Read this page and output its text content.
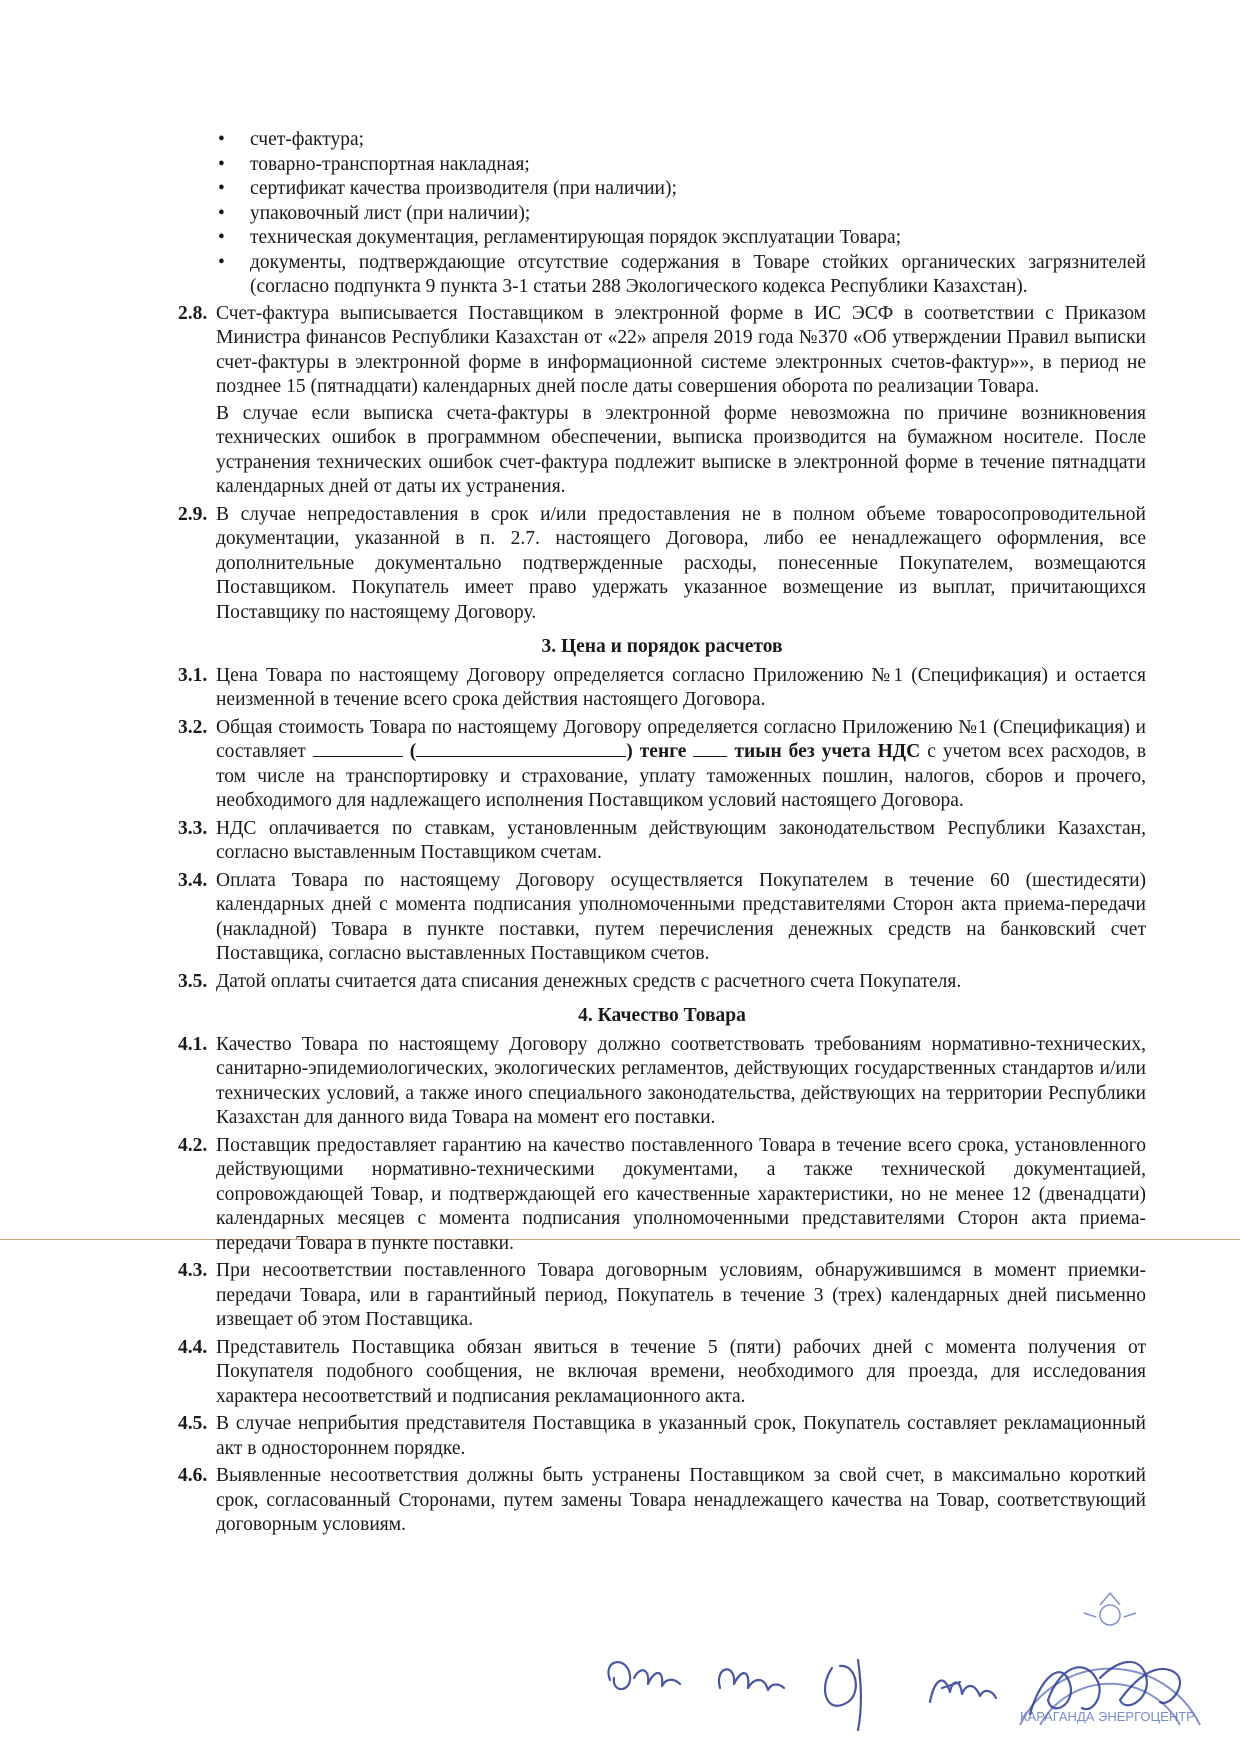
• счет-фактура;
• товарно-транспортная накладная;
• сертификат качества производителя (при наличии);
• упаковочный лист (при наличии);
• техническая документация, регламентирующая порядок эксплуатации Товара;
• документы, подтверждающие отсутствие содержания в Товаре стойких органических загрязнителей (согласно подпункта 9 пункта 3-1 статьи 288 Экологического кодекса Республики Казахстан).
2.8. Счет-фактура выписывается Поставщиком в электронной форме в ИС ЭСФ в соответствии с Приказом Министра финансов Республики Казахстан от «22» апреля 2019 года №370 «Об утверждении Правил выписки счет-фактуры в электронной форме в информационной системе электронных счетов-фактур»», в период не позднее 15 (пятнадцати) календарных дней после даты совершения оборота по реализации Товара.

В случае если выписка счета-фактуры в электронной форме невозможна по причине возникновения технических ошибок в программном обеспечении, выписка производится на бумажном носителе. После устранения технических ошибок счет-фактура подлежит выписке в электронной форме в течение пятнадцати календарных дней от даты их устранения.

2.9. В случае непредоставления в срок и/или предоставления не в полном объеме товаросопроводительной документации, указанной в п. 2.7. настоящего Договора, либо ее ненадлежащего оформления, все дополнительные документально подтвержденные расходы, понесенные Покупателем, возмещаются Поставщиком. Покупатель имеет право удержать указанное возмещение из выплат, причитающихся Поставщику по настоящему Договору.

3. Цена и порядок расчетов
3.1. Цена Товара по настоящему Договору определяется согласно Приложению №1 (Спецификация) и остается неизменной в течение всего срока действия настоящего Договора.

3.2. Общая стоимость Товара по настоящему Договору определяется согласно Приложению №1 (Спецификация) и составляет	(	) тенге тиын без учета НДС с учетом всех расходов, в том числе на транспортировку и страхование, уплату таможенных пошлин, налогов, сборов и прочего, необходимого для надлежащего исполнения Поставщиком условий настоящего Договора.

3.3. НДС оплачивается по ставкам, установленным действующим законодательством Республики Казахстан, согласно выставленным Поставщиком счетам.

3.4. Оплата Товара по настоящему Договору осуществляется Покупателем в течение 60 (шестидесяти) календарных дней с момента подписания уполномоченными представителями Сторон акта приема-передачи (накладной) Товара в пункте поставки, путем перечисления денежных средств на банковский счет Поставщика, согласно выставленных Поставщиком счетов.

3.5. Датой оплаты считается дата списания денежных средств с расчетного счета Покупателя.

4. Качество Товара
4.1. Качество Товара по настоящему Договору должно соответствовать требованиям нормативно-технических, санитарно-эпидемиологических, экологических регламентов, действующих государственных стандартов и/или технических условий, а также иного специального законодательства, действующих на территории Республики Казахстан для данного вида Товара на момент его поставки.

4.2. Поставщик предоставляет гарантию на качество поставленного Товара в течение всего срока, установленного действующими нормативно-техническими документами, а также технической документацией, сопровождающей Товар, и подтверждающей его качественные характеристики, но не менее 12 (двенадцати) календарных месяцев с момента подписания уполномоченными представителями Сторон акта приема-передачи Товара в пункте поставки.

4.3. При несоответствии поставленного Товара договорным условиям, обнаружившимся в момент приемки-передачи Товара, или в гарантийный период, Покупатель в течение 3 (трех) календарных дней письменно извещает об этом Поставщика.

4.4. Представитель Поставщика обязан явиться в течение 5 (пяти) рабочих дней с момента получения от Покупателя подобного сообщения, не включая времени, необходимого для проезда, для исследования характера несоответствий и подписания рекламационного акта.

4.5. В случае неприбытия представителя Поставщика в указанный срок, Покупатель составляет рекламационный акт в одностороннем порядке.

4.6. Выявленные несоответствия должны быть устранены Поставщиком за свой счет, в максимально короткий срок, согласованный Сторонами, путем замены Товара ненадлежащего качества на Товар, соответствующий договорным условиям.

КАРАГАНДА ЭНЕРГОЦЕНТР
